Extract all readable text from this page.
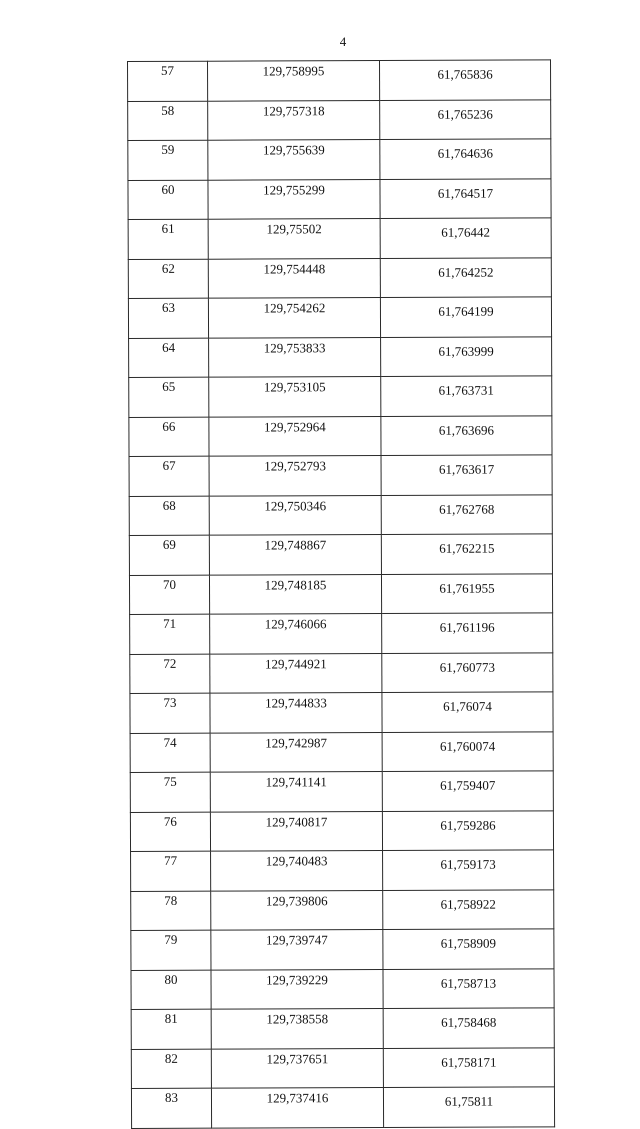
4
57	129,758995	61,765836
58	129,757318	61,765236
59	129,755639	61,764636
60	129,755299	61,764517
61	129,75502	61,76442
62	129,754448	61,764252
63	129,754262	61,764199
64	129,753833	61,763999
65	129,753105	61,763731
66	129,752964	61,763696
67	129,752793	61,763617
68	129,750346	61,762768
69	129,748867	61,762215
70	129,748185	61,761955
71	129,746066	61,761196
72	129,744921	61,760773
73	129,744833	61,76074
74	129,742987	61,760074
75	129,741141	61,759407
76	129,740817	61,759286
77	129,740483	61,759173
78	129,739806	61,758922
79	129,739747	61,758909
80	129,739229	61,758713
81	129,738558	61,758468
82	129,737651	61,758171
83	129,737416	61,75811
